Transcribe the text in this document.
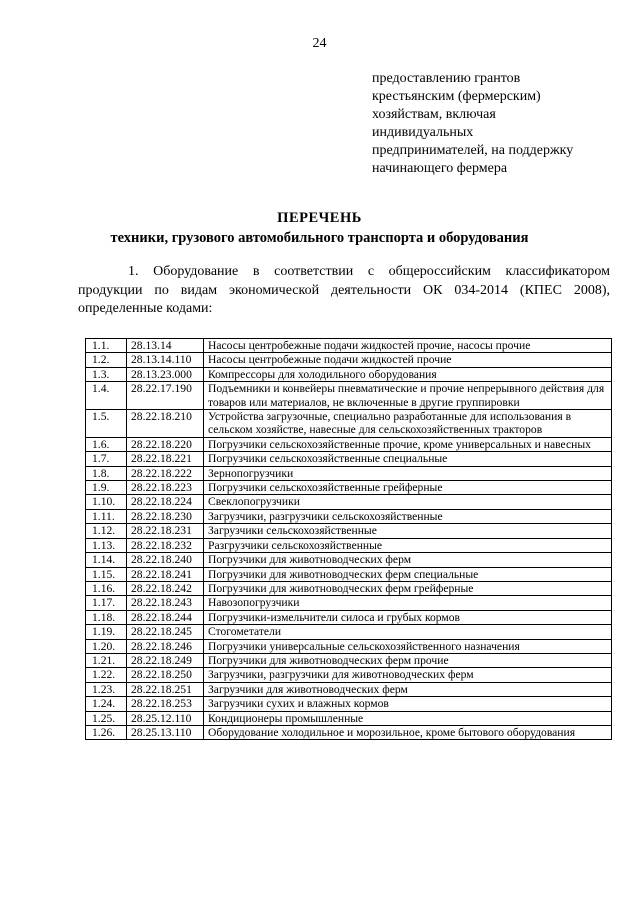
24
предоставлению грантов
крестьянским (фермерским)
хозяйствам, включая
индивидуальных
предпринимателей, на поддержку
начинающего фермера
ПЕРЕЧЕНЬ
техники, грузового автомобильного транспорта и оборудования
1. Оборудование в соответствии с общероссийским классификатором
продукции по видам экономической деятельности ОК 034-2014 (КПЕС 2008),
определенные кодами:
1.1.	28.13.14	Насосы центробежные подачи жидкостей прочие, насосы прочие
1.2.	28.13.14.110	Насосы центробежные подачи жидкостей прочие
1.3.	28.13.23.000	Компрессоры для холодильного оборудования
1.4.	28.22.17.190	Подъемники и конвейеры пневматические и прочие непрерывного действия для товаров или материалов, не включенные в другие группировки
1.5.	28.22.18.210	Устройства загрузочные, специально разработанные для использования в сельском хозяйстве, навесные для сельскохозяйственных тракторов
1.6.	28.22.18.220	Погрузчики сельскохозяйственные прочие, кроме универсальных и навесных
1.7.	28.22.18.221	Погрузчики сельскохозяйственные специальные
1.8.	28.22.18.222	Зернопогрузчики
1.9.	28.22.18.223	Погрузчики сельскохозяйственные грейферные
1.10.	28.22.18.224	Свеклопогрузчики
1.11.	28.22.18.230	Загрузчики, разгрузчики сельскохозяйственные
1.12.	28.22.18.231	Загрузчики сельскохозяйственные
1.13.	28.22.18.232	Разгрузчики сельскохозяйственные
1.14.	28.22.18.240	Погрузчики для животноводческих ферм
1.15.	28.22.18.241	Погрузчики для животноводческих ферм специальные
1.16.	28.22.18.242	Погрузчики для животноводческих ферм грейферные
1.17.	28.22.18.243	Навозопогрузчики
1.18.	28.22.18.244	Погрузчики-измельчители силоса и грубых кормов
1.19.	28.22.18.245	Стогометатели
1.20.	28.22.18.246	Погрузчики универсальные сельскохозяйственного назначения
1.21.	28.22.18.249	Погрузчики для животноводческих ферм прочие
1.22.	28.22.18.250	Загрузчики, разгрузчики для животноводческих ферм
1.23.	28.22.18.251	Загрузчики для животноводческих ферм
1.24.	28.22.18.253	Загрузчики сухих и влажных кормов
1.25.	28.25.12.110	Кондиционеры промышленные
1.26.	28.25.13.110	Оборудование холодильное и морозильное, кроме бытового оборудования
